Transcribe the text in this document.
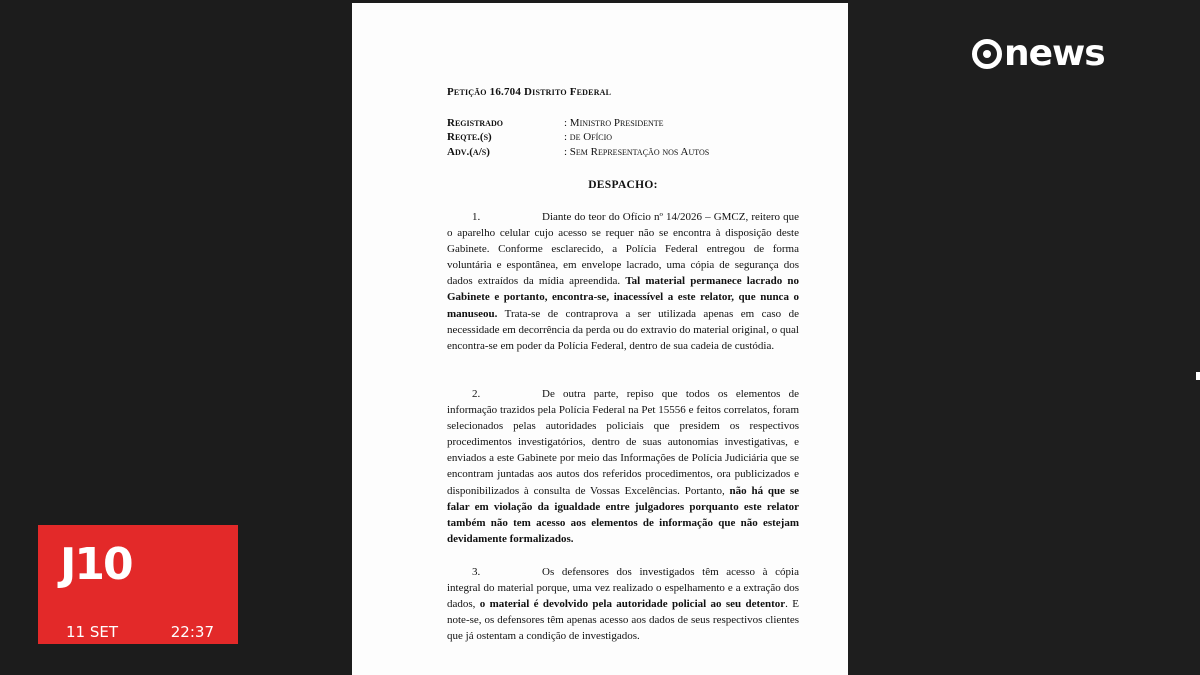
Petição 16.704 Distrito Federal
Registrado	: Ministro Presidente
Reqte.(s)	: de Ofício
Adv.(a/s)	: Sem Representação nos Autos
DESPACHO:

1.	Diante do teor do Ofício nº 14/2026 – GMCZ, reitero que o aparelho celular cujo acesso se requer não se encontra à disposição deste Gabinete. Conforme esclarecido, a Polícia Federal entregou de forma voluntária e espontânea, em envelope lacrado, uma cópia de segurança dos dados extraídos da mídia apreendida. Tal material permanece lacrado no Gabinete e portanto, encontra-se, inacessível a este relator, que nunca o manuseou. Trata-se de contraprova a ser utilizada apenas em caso de necessidade em decorrência da perda ou do extravio do material original, o qual encontra-se em poder da Polícia Federal, dentro de sua cadeia de custódia.

2.	De outra parte, repiso que todos os elementos de informação trazidos pela Polícia Federal na Pet 15556 e feitos correlatos, foram selecionados pelas autoridades policiais que presidem os respectivos procedimentos investigatórios, dentro de suas autonomias investigativas, e enviados a este Gabinete por meio das Informações de Polícia Judiciária que se encontram juntadas aos autos dos referidos procedimentos, ora publicizados e disponibilizados à consulta de Vossas Excelências. Portanto, não há que se falar em violação da igualdade entre julgadores porquanto este relator também não tem acesso aos elementos de informação que não estejam devidamente formalizados.

3.	Os defensores dos investigados têm acesso à cópia integral do material porque, uma vez realizado o espelhamento e a extração dos dados, o material é devolvido pela autoridade policial ao seu detentor. E note-se, os defensores têm apenas acesso aos dados de seus respectivos clientes que já ostentam a condição de investigados.

news
J10
11 SET	22:37
